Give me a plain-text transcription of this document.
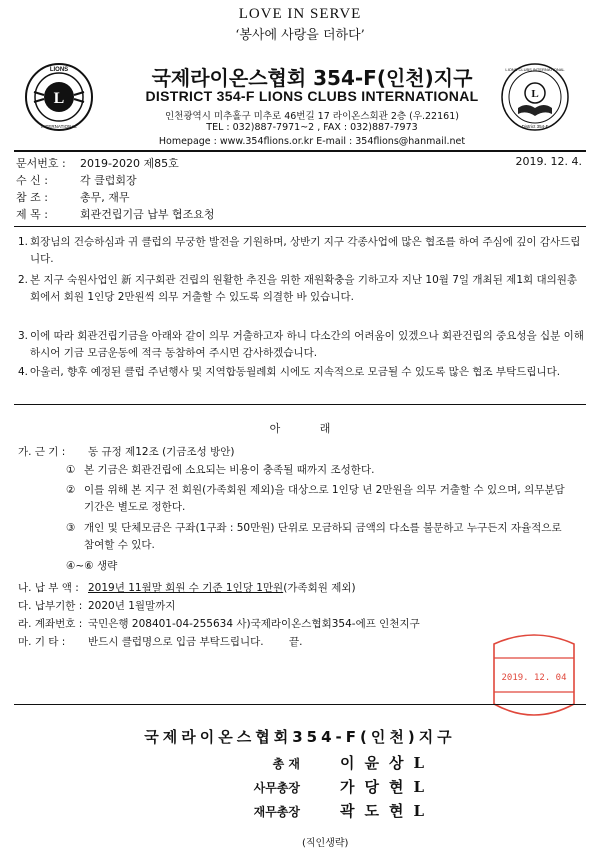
LOVE IN SERVE
‘봉사에 사랑을 더하다’
L
LIONS
INTERNATIONAL
L
LIONS CLUBS INTERNATIONAL
District 354-F
국제라이온스협회 354-F(인천)지구
DISTRICT 354-F LIONS CLUBS INTERNATIONAL
인천광역시 미추홀구 미추로 46번길 17 라이온스회관 2층 (우.22161)
TEL : 032)887-7971~2 , FAX : 032)887-7973
Homepage : www.354flions.or.kr E-mail : 354flions@hanmail.net
문서번호 : 2019-2020 제85호	2019. 12. 4.
수 신 :	각 클럽회장
참 조 :	총무, 재무
제 목 :	회관건립기금 납부 협조요청
1. 회장님의 건승하심과 귀 클럽의 무궁한 발전을 기원하며, 상반기 지구 각종사업에 많은 협조를 하여 주심에 깊이 감사드립니다.
2. 본 지구 숙원사업인 新 지구회관 건립의 원활한 추진을 위한 재원확충을 기하고자 지난 10월 7일 개최된 제1회 대의원총회에서 회원 1인당 2만원씩 의무 거출할 수 있도록 의결한 바 있습니다.
3. 이에 따라 회관건립기금을 아래와 같이 의무 거출하고자 하니 다소간의 어려움이 있겠으나 회관건립의 중요성을 십분 이해하시어 기금 모금운동에 적극 동참하여 주시면 감사하겠습니다.
4. 아울러, 향후 예정된 클럽 주년행사 및 지역합동월례회 시에도 지속적으로 모금될 수 있도록 많은 협조 부탁드립니다.
아 래
가. 근 기 : 동 규정 제12조 (기금조성 방안)
① 본 기금은 회관건립에 소요되는 비용이 충족될 때까지 조성한다.
② 이를 위해 본 지구 전 회원(가족회원 제외)을 대상으로 1인당 년 2만원을 의무 거출할 수 있으며, 의무분담 기간은 별도로 정한다.
③ 개인 및 단체모금은 구좌(1구좌 : 50만원) 단위로 모금하되 금액의 다소를 불문하고 누구든지 자율적으로 참여할 수 있다.
④~⑥ 생략
나. 납 부 액 : 2019년 11월말 회원 수 기준 1인당 1만원(가족회원 제외)
다. 납부기한 : 2020년 1월말까지
라. 계좌번호 : 국민은행 208401-04-255634 사)국제라이온스협회354-에프 인천지구
마. 기 타 : 반드시 클럽명으로 입금 부탁드립니다. 끝.
2019. 12. 04
국제라이온스협회354-F(인천)지구
총 재	이윤상L
사무총장	가당현L
재무총장	곽도현L
(직인생략)
